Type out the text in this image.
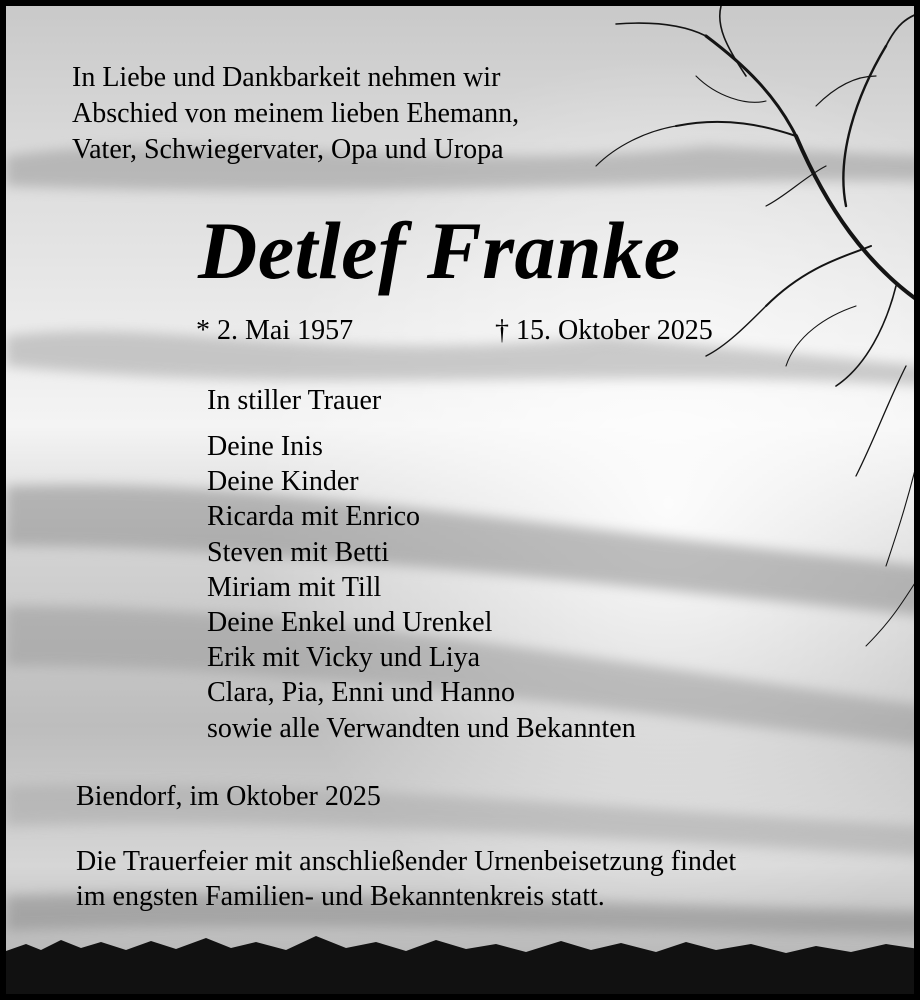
In Liebe und Dankbarkeit nehmen wir
Abschied von meinem lieben Ehemann,
Vater, Schwiegervater, Opa und Uropa
Detlef Franke
* 2. Mai 1957	† 15. Oktober 2025
In stiller Trauer
Deine Inis
Deine Kinder
Ricarda mit Enrico
Steven mit Betti
Miriam mit Till
Deine Enkel und Urenkel
Erik mit Vicky und Liya
Clara, Pia, Enni und Hanno
sowie alle Verwandten und Bekannten
Biendorf, im Oktober 2025
Die Trauerfeier mit anschließender Urnenbeisetzung findet
im engsten Familien- und Bekanntenkreis statt.
